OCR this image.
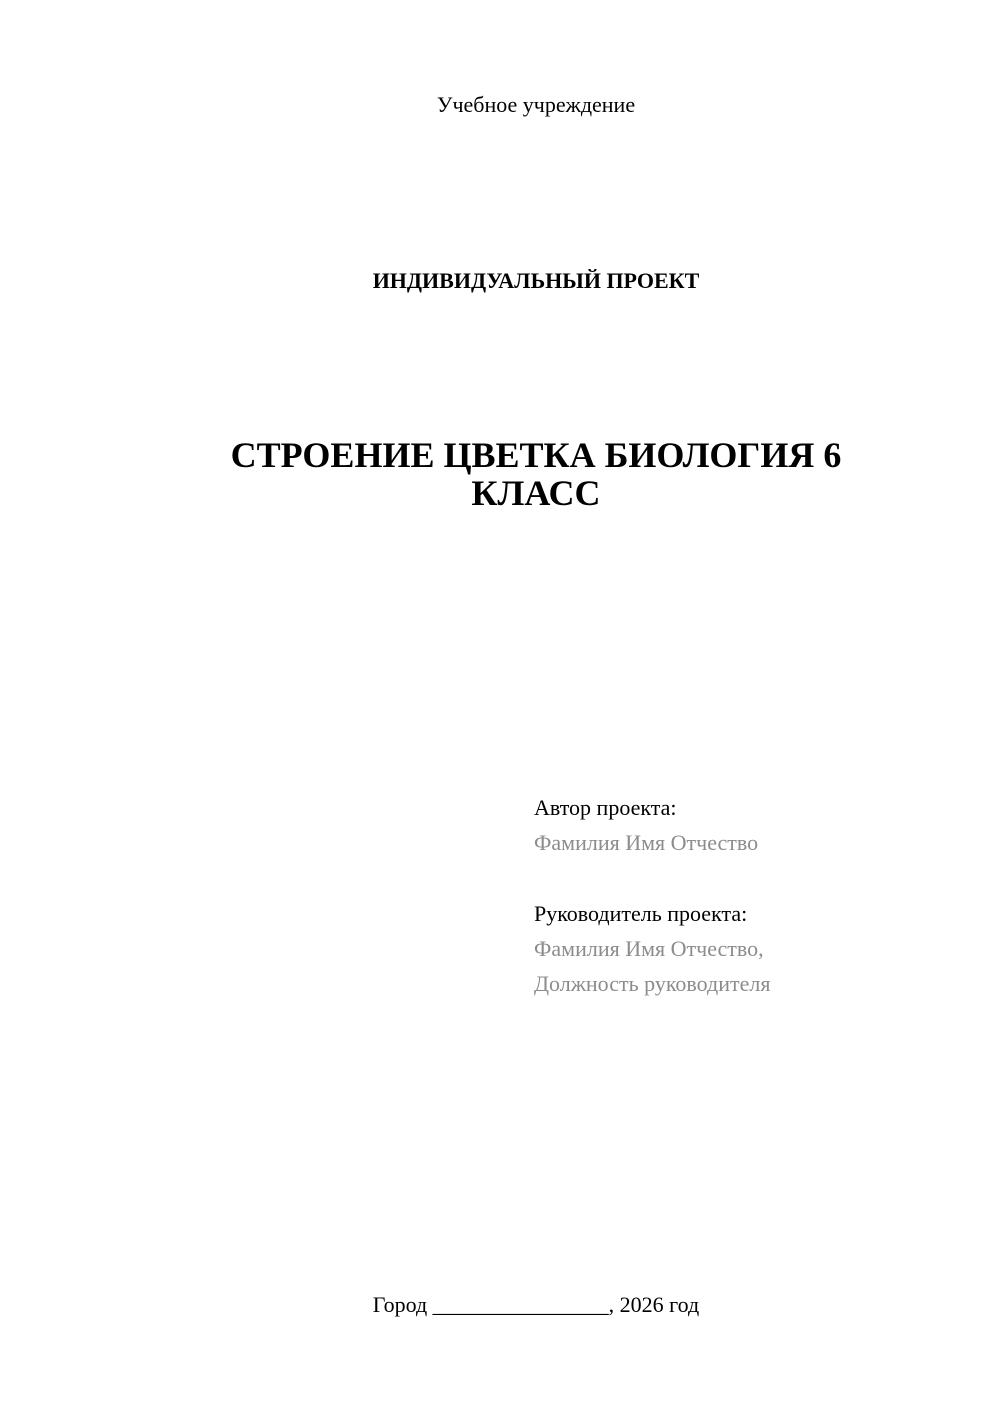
Учебное учреждение
ИНДИВИДУАЛЬНЫЙ ПРОЕКТ
СТРОЕНИЕ ЦВЕТКА БИОЛОГИЯ 6
КЛАСС
Автор проекта:
Фамилия Имя Отчество
Руководитель проекта:
Фамилия Имя Отчество,
Должность руководителя
Город ________________, 2026 год
